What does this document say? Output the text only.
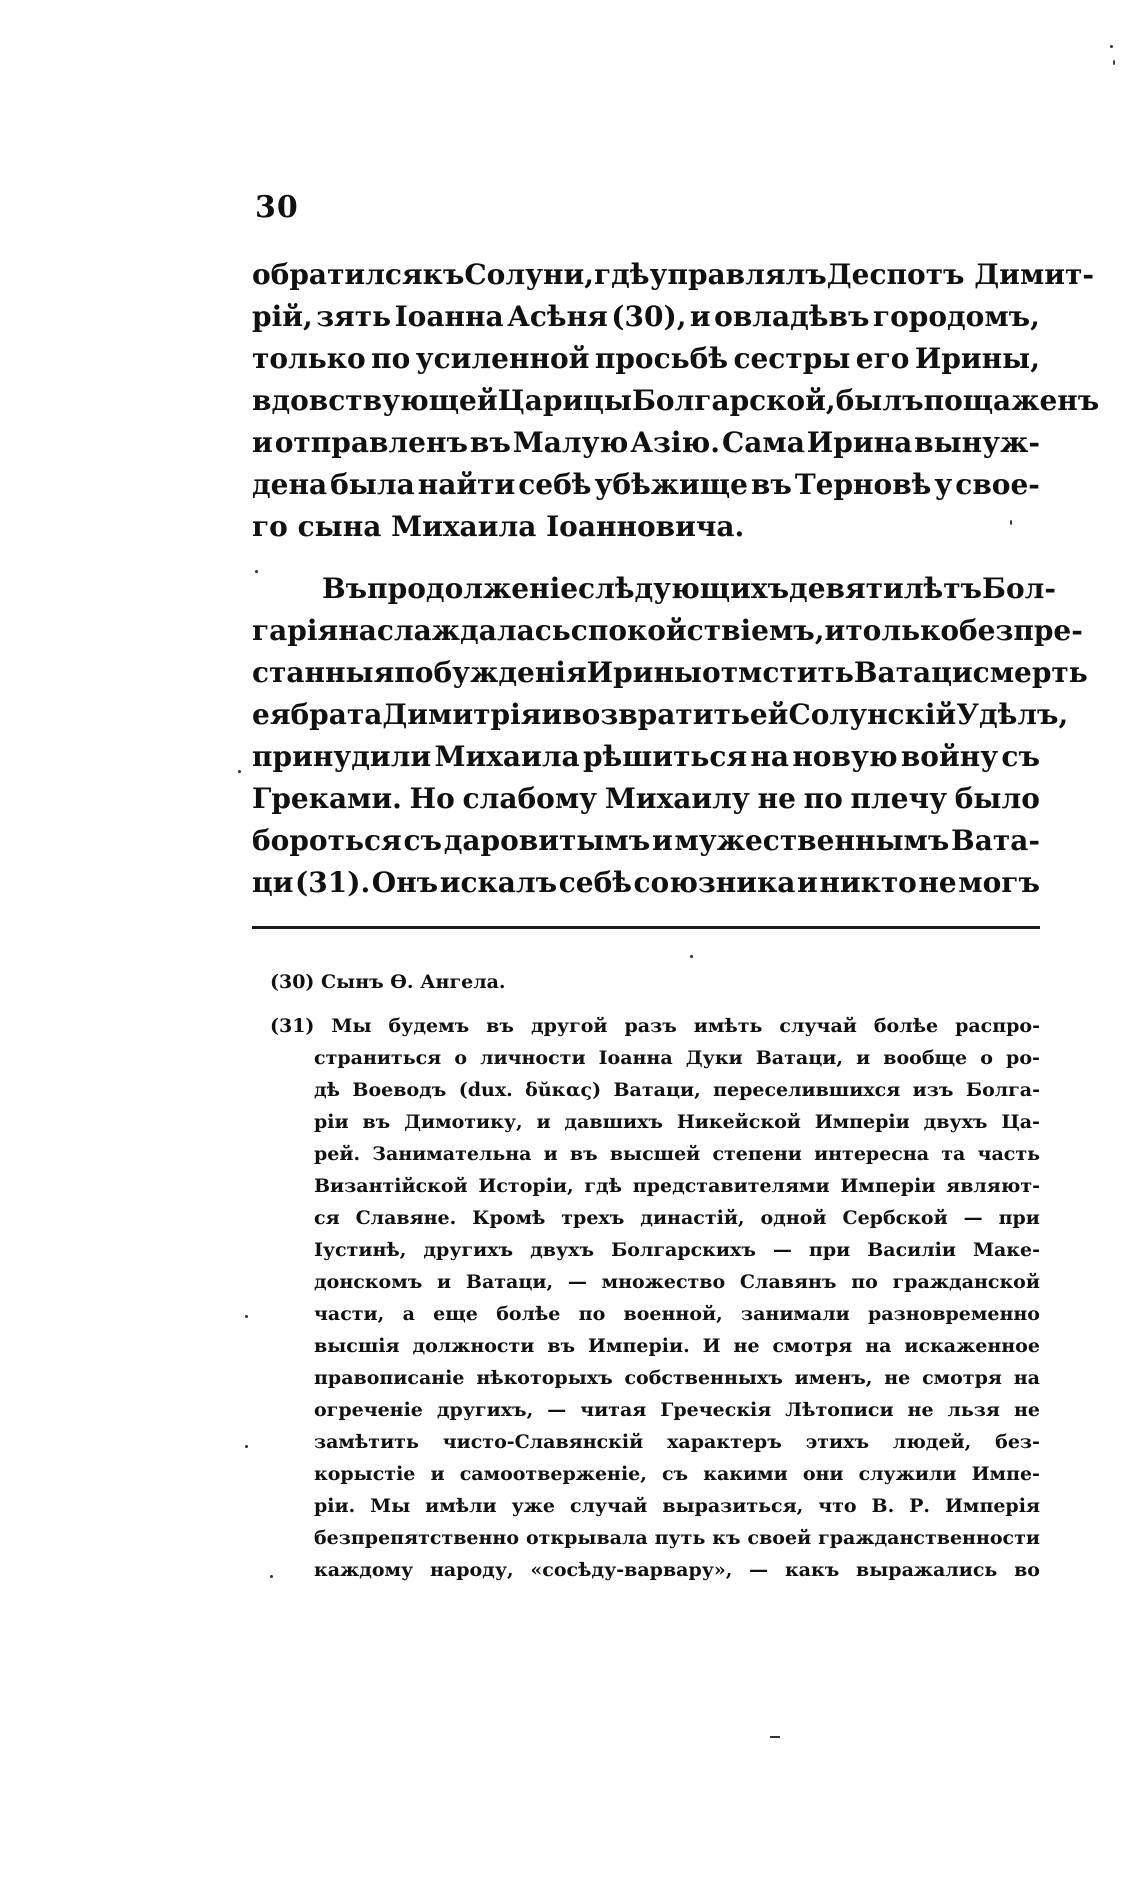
30
обратился къ Солуни, гдѣ управлялъ Деспотъ Димит-
рій, зять Іоанна Асѣня (30), и овладѣвъ городомъ,
только по усиленной просьбѣ сестры его Ирины,
вдовствующей Царицы Болгарской, былъ пощаженъ
и отправленъ въ Малую Азію. Сама Ирина вынуж-
дена была найти себѣ убѣжище въ Терновѣ у свое-
го сына Михаила Іоанновича.
Въ продолженіе слѣдующихъ девяти лѣтъ Бол-
гарія наслаждалась спокойствіемъ, и только безпре-
станныя побужденія Ирины отмстить Ватаци смерть
ея брата Димитрія и возвратить ей Солунскій Удѣлъ,
принудили Михаила рѣшиться на новую войну съ
Греками. Но слабому Михаилу не по плечу было
бороться съ даровитымъ и мужественнымъ Вата-
ци (31). Онъ искалъ себѣ союзника и никто не могъ
(30) Сынъ Ѳ. Ангела.
(31) Мы будемъ въ другой разъ имѣть случай болѣе распро-
страниться о личности Іоанна Дуки Ватаци, и вообще о ро-
дѣ Воеводъ (dux. δŭκας) Ватаци, переселившихся изъ Болга-
ріи въ Димотику, и давшихъ Никейской Имперіи двухъ Ца-
рей. Занимательна и въ высшей степени интересна та часть
Византійской Исторіи, гдѣ представителями Имперіи являют-
ся Славяне. Кромѣ трехъ династій, одной Сербской — при
Іустинѣ, другихъ двухъ Болгарскихъ — при Василіи Маке-
донскомъ и Ватаци, — множество Славянъ по гражданской
части, а еще болѣе по военной, занимали разновременно
высшія должности въ Имперіи. И не смотря на искаженное
правописаніе нѣкоторыхъ собственныхъ именъ, не смотря на
огреченіе другихъ, — читая Греческія Лѣтописи не льзя не
замѣтить чисто-Славянскій характеръ этихъ людей, без-
корыстіе и самоотверженіе, съ какими они служили Импе-
ріи. Мы имѣли уже случай выразиться, что В. Р. Имперія
безпрепятственно открывала путь къ своей гражданственности
каждому народу, «сосѣду-варвару», — какъ выражались во
